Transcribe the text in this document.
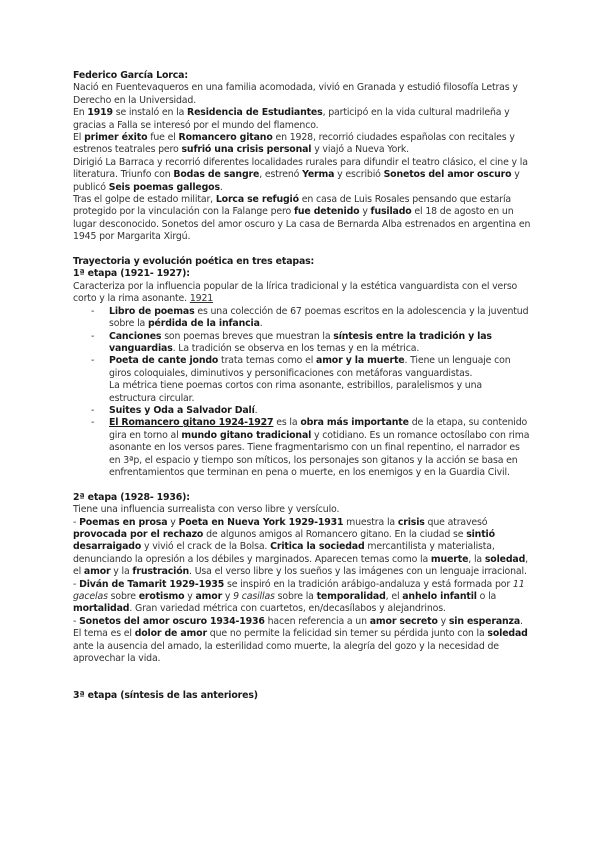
Federico García Lorca:

Nació en Fuentevaqueros en una familia acomodada, vivió en Granada y estudió filosofía Letras y Derecho en la Universidad.

En 1919 se instaló en la Residencia de Estudiantes, participó en la vida cultural madrileña y gracias a Falla se interesó por el mundo del flamenco.

El primer éxito fue el Romancero gitano en 1928, recorrió ciudades españolas con recitales y estrenos teatrales pero sufrió una crisis personal y viajó a Nueva York.

Dirigió La Barraca y recorrió diferentes localidades rurales para difundir el teatro clásico, el cine y la literatura. Triunfo con Bodas de sangre, estrenó Yerma y escribió Sonetos del amor oscuro y publicó Seis poemas gallegos.

Tras el golpe de estado militar, Lorca se refugió en casa de Luis Rosales pensando que estaría protegido por la vinculación con la Falange pero fue detenido y fusilado el 18 de agosto en un lugar desconocido. Sonetos del amor oscuro y La casa de Bernarda Alba estrenados en argentina en 1945 por Margarita Xirgú.

Trayectoria y evolución poética en tres etapas:

1ª etapa (1921- 1927):

Caracteriza por la influencia popular de la lírica tradicional y la estética vanguardista con el verso corto y la rima asonante. 1921

- Libro de poemas es una colección de 67 poemas escritos en la adolescencia y la juventud sobre la pérdida de la infancia.
- Canciones son poemas breves que muestran la síntesis entre la tradición y las vanguardias. La tradición se observa en los temas y en la métrica.
- Poeta de cante jondo trata temas como el amor y la muerte. Tiene un lenguaje con giros coloquiales, diminutivos y personificaciones con metáforas vanguardistas.
La métrica tiene poemas cortos con rima asonante, estribillos, paralelismos y una estructura circular.
- Suites y Oda a Salvador Dalí.
- El Romancero gitano 1924-1927 es la obra más importante de la etapa, su contenido gira en torno al mundo gitano tradicional y cotidiano. Es un romance octosílabo con rima asonante en los versos pares. Tiene fragmentarismo con un final repentino, el narrador es en 3ªp, el espacio y tiempo son míticos, los personajes son gitanos y la acción se basa en enfrentamientos que terminan en pena o muerte, en los enemigos y en la Guardia Civil.

2ª etapa (1928- 1936):

Tiene una influencia surrealista con verso libre y versículo.

- Poemas en prosa y Poeta en Nueva York 1929-1931 muestra la crisis que atravesó provocada por el rechazo de algunos amigos al Romancero gitano. En la ciudad se sintió desarraigado y vivió el crack de la Bolsa. Critica la sociedad mercantilista y materialista, denunciando la opresión a los débiles y marginados. Aparecen temas como la muerte, la soledad, el amor y la frustración. Usa el verso libre y los sueños y las imágenes con un lenguaje irracional.

- Diván de Tamarit 1929-1935 se inspiró en la tradición arábigo-andaluza y está formada por 11 gacelas sobre erotismo y amor y 9 casillas sobre la temporalidad, el anhelo infantil o la mortalidad. Gran variedad métrica con cuartetos, en/decasílabos y alejandrinos.

- Sonetos del amor oscuro 1934-1936 hacen referencia a un amor secreto y sin esperanza.

El tema es el dolor de amor que no permite la felicidad sin temer su pérdida junto con la soledad ante la ausencia del amado, la esterilidad como muerte, la alegría del gozo y la necesidad de aprovechar la vida.

3ª etapa (síntesis de las anteriores)
